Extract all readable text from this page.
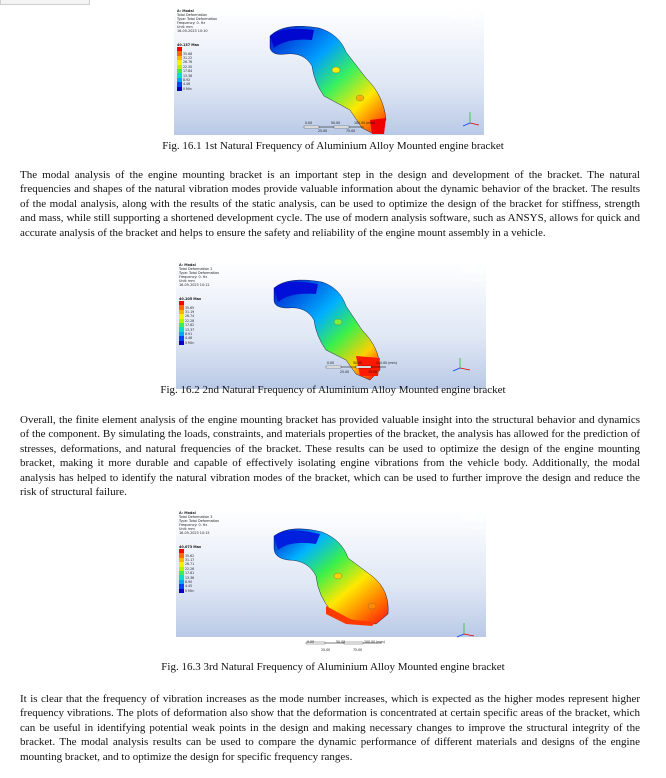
A: Modal
Total Deformation
Type: Total Deformation
Frequency: 0. Hz
Unit: mm
16-05-2023 10:10
40.137 Max
35.68
31.22
26.76
22.30
17.84
13.38
8.92
4.46
0 Min
Ansys
2021
0.00	50.00	100.00 (mm)
25.00	75.00
Fig. 16.1 1st Natural Frequency of Aluminium Alloy Mounted engine bracket

The modal analysis of the engine mounting bracket is an important step in the design and development of the bracket. The natural frequencies and shapes of the natural vibration modes provide valuable information about the dynamic behavior of the bracket. The results of the modal analysis, along with the results of the static analysis, can be used to optimize the design of the bracket for stiffness, strength and mass, while still supporting a shortened development cycle. The use of modern analysis software, such as ANSYS, allows for quick and accurate analysis of the bracket and helps to ensure the safety and reliability of the engine mount assembly in a vehicle.

A: Modal
Total Deformation 2
Type: Total Deformation
Frequency: 0. Hz
Unit: mm
16-05-2023 10:12
40.105 Max
35.65
31.19
26.74
22.28
17.82
13.37
8.91
4.46
0 Min
Ansy
2021
0.00	50.00	100.00 (mm)
25.00	75.00
Fig. 16.2 2nd Natural Frequency of Aluminium Alloy Mounted engine bracket

Overall, the finite element analysis of the engine mounting bracket has provided valuable insight into the structural behavior and dynamics of the component. By simulating the loads, constraints, and materials properties of the bracket, the analysis has allowed for the prediction of stresses, deformations, and natural frequencies of the bracket. These results can be used to optimize the design of the engine mounting bracket, making it more durable and capable of effectively isolating engine vibrations from the vehicle body. Additionally, the modal analysis has helped to identify the natural vibration modes of the bracket, which can be used to further improve the design and reduce the risk of structural failure.

A: Modal
Total Deformation 3
Type: Total Deformation
Frequency: 0. Hz
Unit: mm
16-05-2023 10:15
40.073 Max
35.62
31.17
26.71
22.26
17.81
13.36
8.90
4.45
0 Min
Ansy
2021
0.00	50.00	100.00 (mm)
25.00	75.00
Fig. 16.3 3rd Natural Frequency of Aluminium Alloy Mounted engine bracket

It is clear that the frequency of vibration increases as the mode number increases, which is expected as the higher modes represent higher frequency vibrations. The plots of deformation also show that the deformation is concentrated at certain specific areas of the bracket, which can be useful in identifying potential weak points in the design and making necessary changes to improve the structural integrity of the bracket. The modal analysis results can be used to compare the dynamic performance of different materials and designs of the engine mounting bracket, and to optimize the design for specific frequency ranges.
